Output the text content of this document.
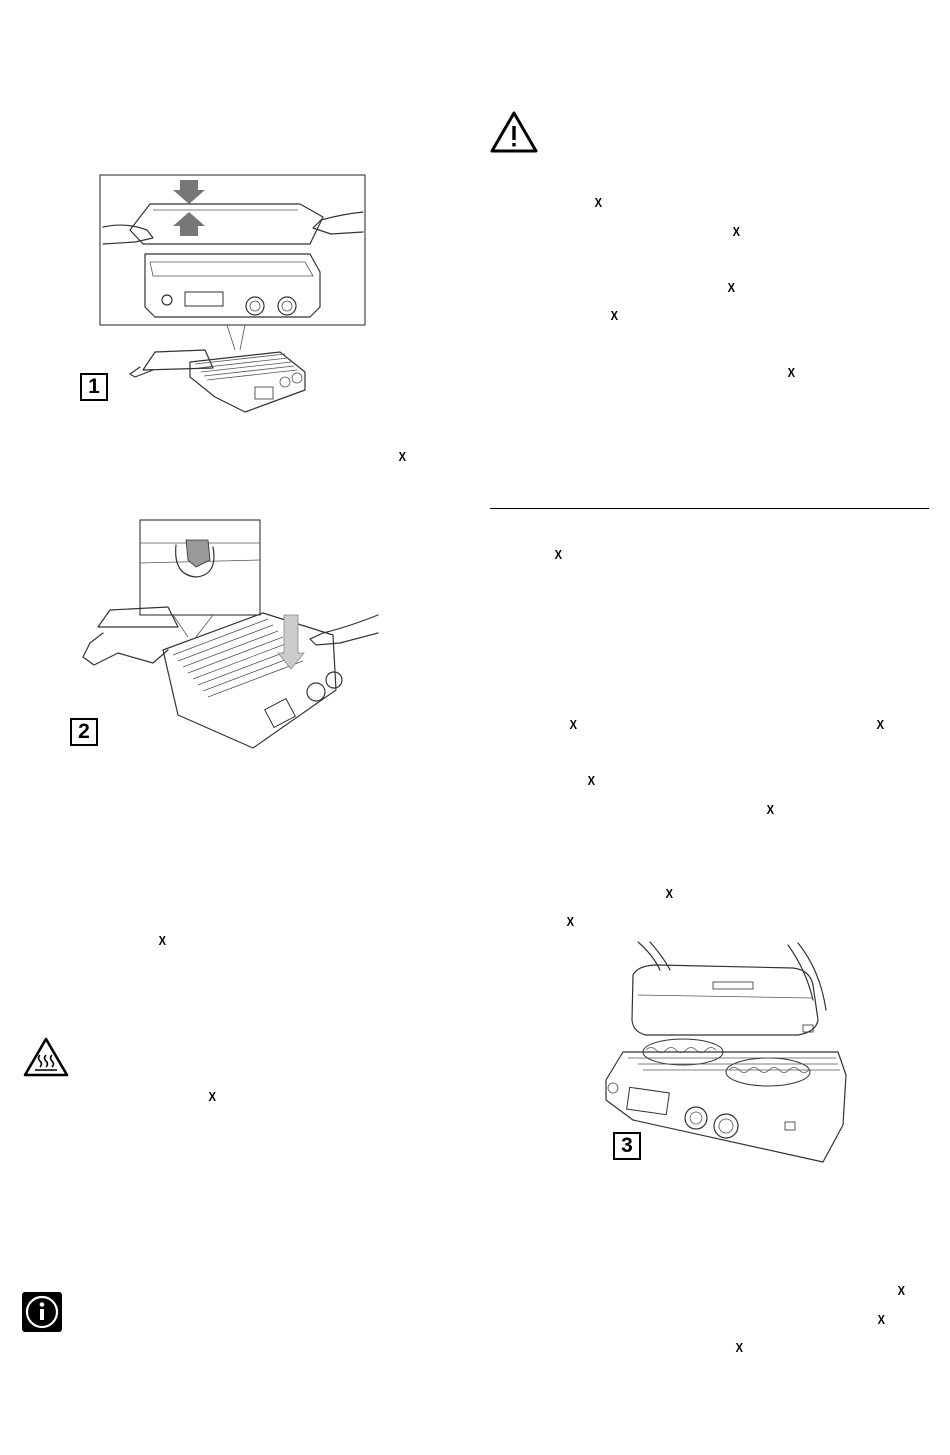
1
X
2
X
X
X
X
X
X
X
X
X	X
X
X
X
X
3
X
X
X
